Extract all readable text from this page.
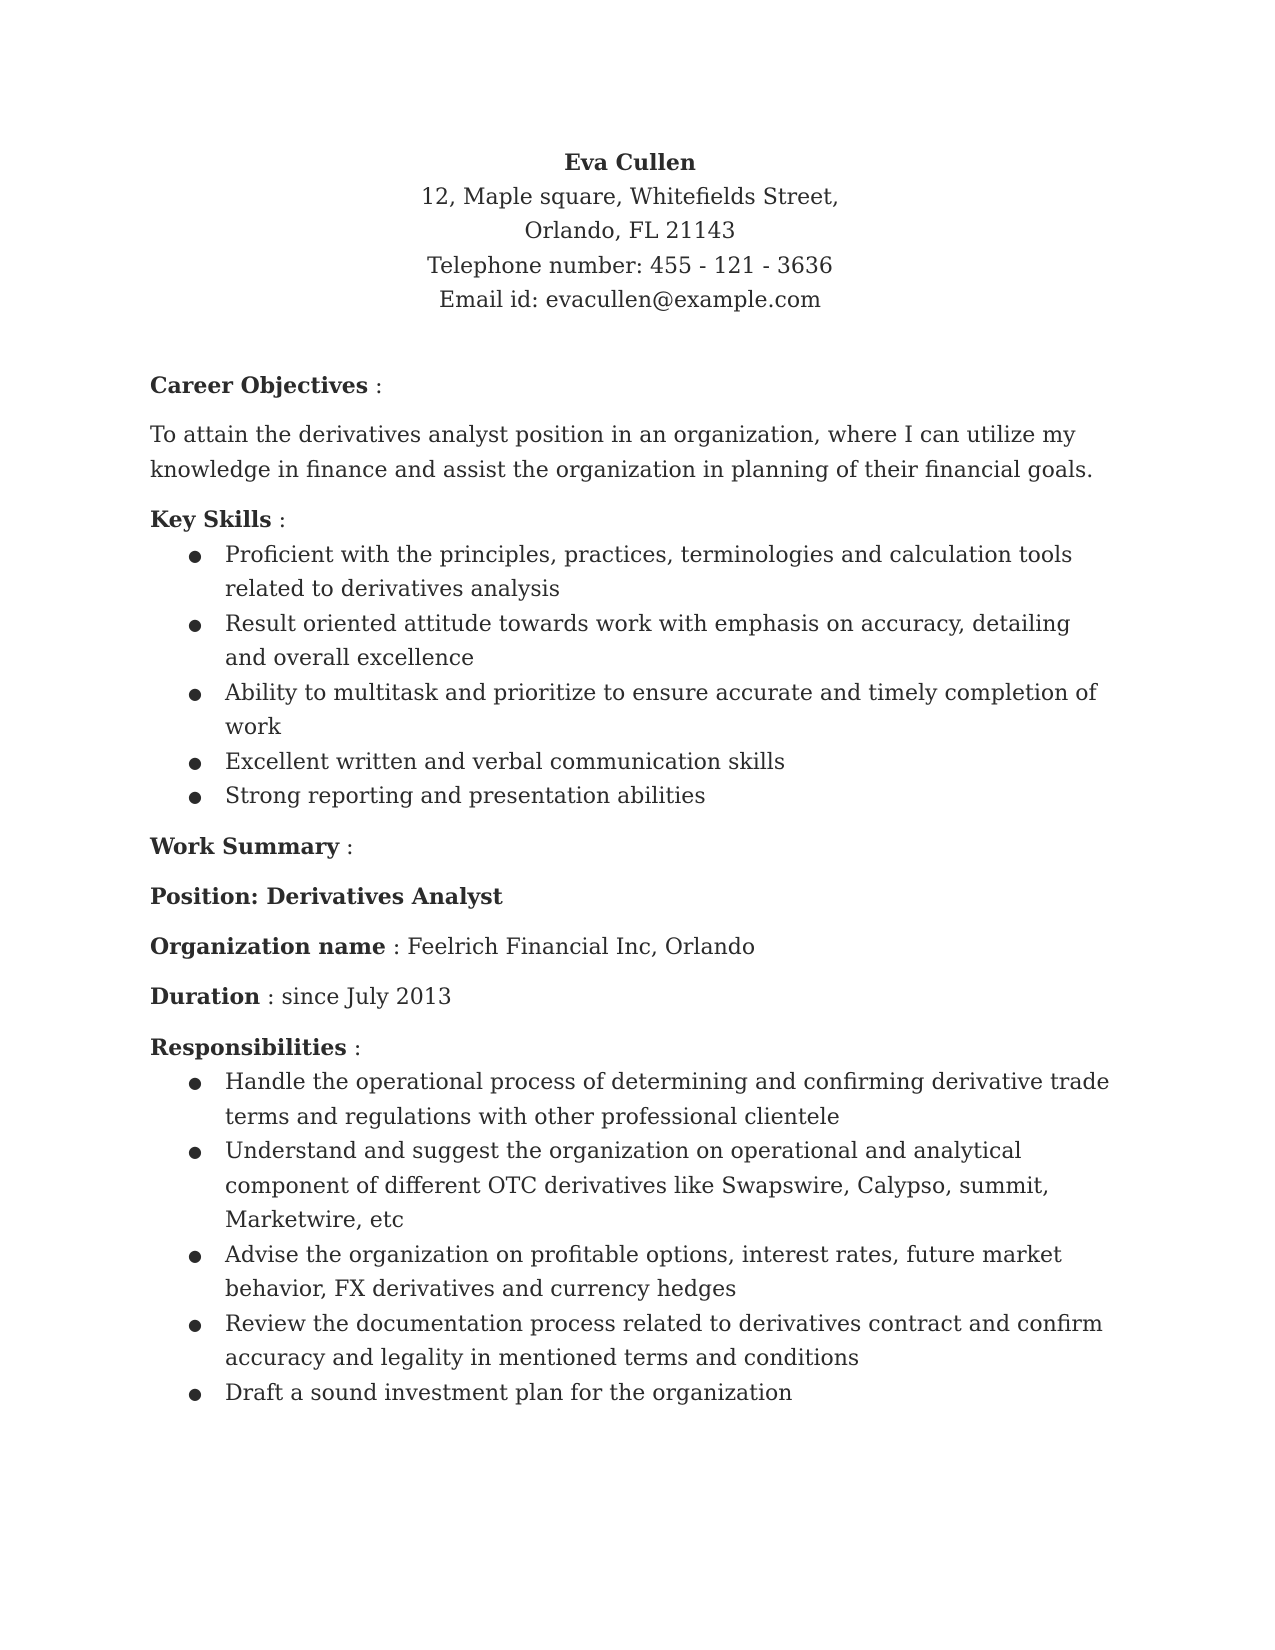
Eva Cullen
12, Maple square, Whitefields Street,
Orlando, FL 21143
Telephone number: 455 - 121 - 3636
Email id: evacullen@example.com

Career Objectives :

To attain the derivatives analyst position in an organization, where I can utilize my knowledge in finance and assist the organization in planning of their financial goals.

Key Skills :

● Proficient with the principles, practices, terminologies and calculation tools related to derivatives analysis
● Result oriented attitude towards work with emphasis on accuracy, detailing and overall excellence
● Ability to multitask and prioritize to ensure accurate and timely completion of work
● Excellent written and verbal communication skills
● Strong reporting and presentation abilities

Work Summary :

Position: Derivatives Analyst

Organization name : Feelrich Financial Inc, Orlando

Duration : since July 2013

Responsibilities :

● Handle the operational process of determining and confirming derivative trade terms and regulations with other professional clientele
● Understand and suggest the organization on operational and analytical component of different OTC derivatives like Swapswire, Calypso, summit, Marketwire, etc
● Advise the organization on profitable options, interest rates, future market behavior, FX derivatives and currency hedges
● Review the documentation process related to derivatives contract and confirm accuracy and legality in mentioned terms and conditions
● Draft a sound investment plan for the organization
